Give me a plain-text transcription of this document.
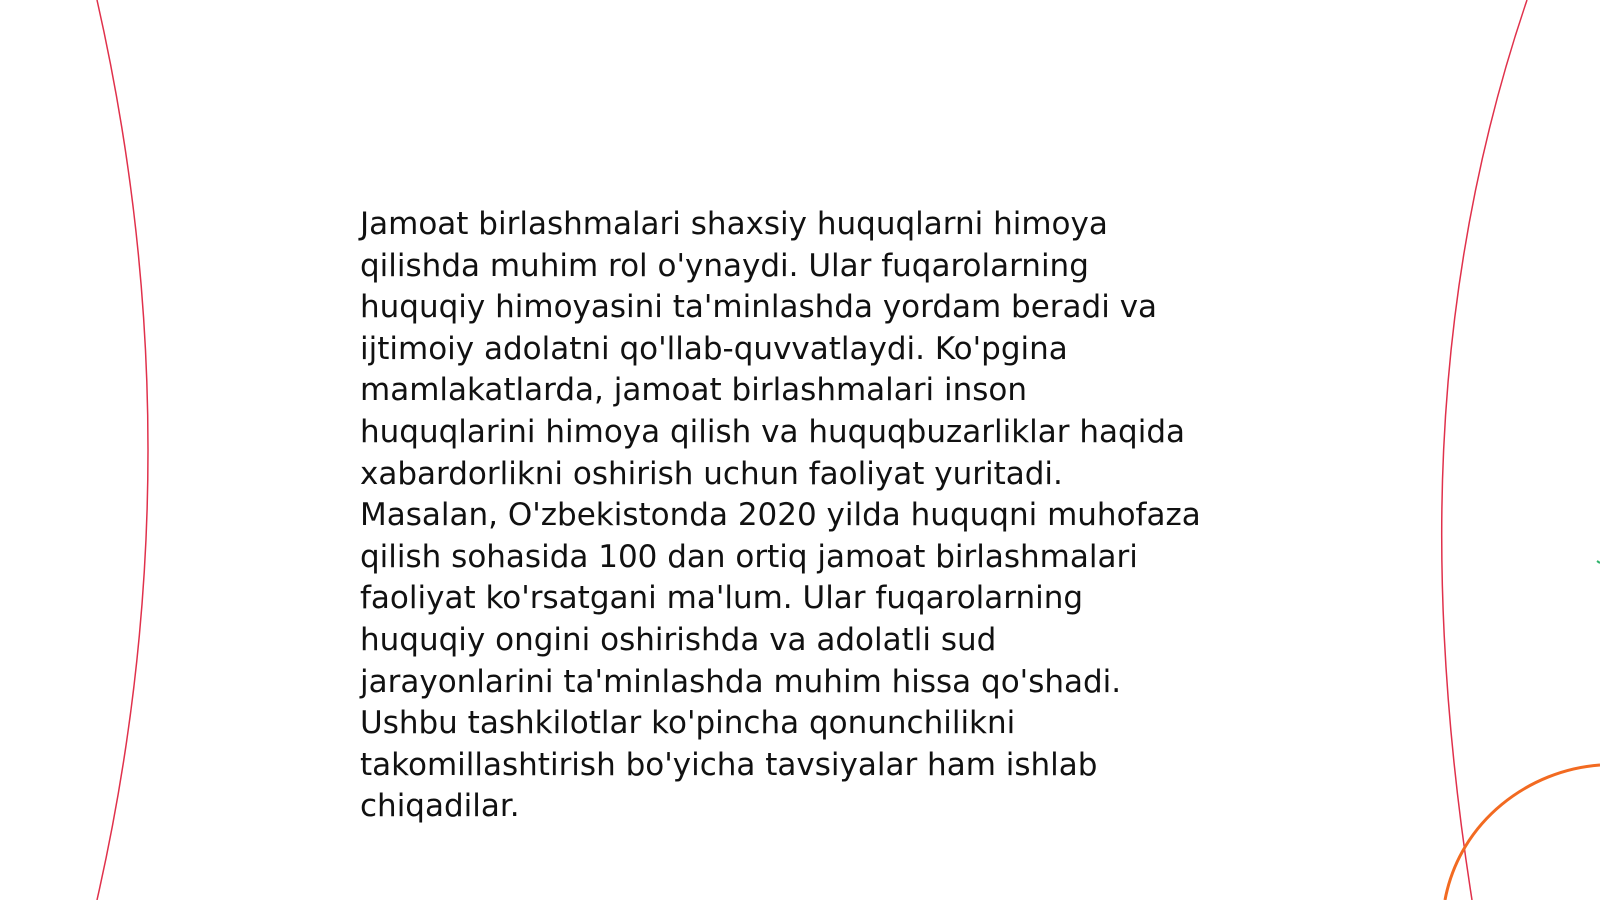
Jamoat birlashmalari shaxsiy huquqlarni himoya
qilishda muhim rol o'ynaydi. Ular fuqarolarning
huquqiy himoyasini ta'minlashda yordam beradi va
ijtimoiy adolatni qo'llab-quvvatlaydi. Ko'pgina
mamlakatlarda, jamoat birlashmalari inson
huquqlarini himoya qilish va huquqbuzarliklar haqida
xabardorlikni oshirish uchun faoliyat yuritadi.
Masalan, O'zbekistonda 2020 yilda huquqni muhofaza
qilish sohasida 100 dan ortiq jamoat birlashmalari
faoliyat ko'rsatgani ma'lum. Ular fuqarolarning
huquqiy ongini oshirishda va adolatli sud
jarayonlarini ta'minlashda muhim hissa qo'shadi.
Ushbu tashkilotlar ko'pincha qonunchilikni
takomillashtirish bo'yicha tavsiyalar ham ishlab
chiqadilar.
